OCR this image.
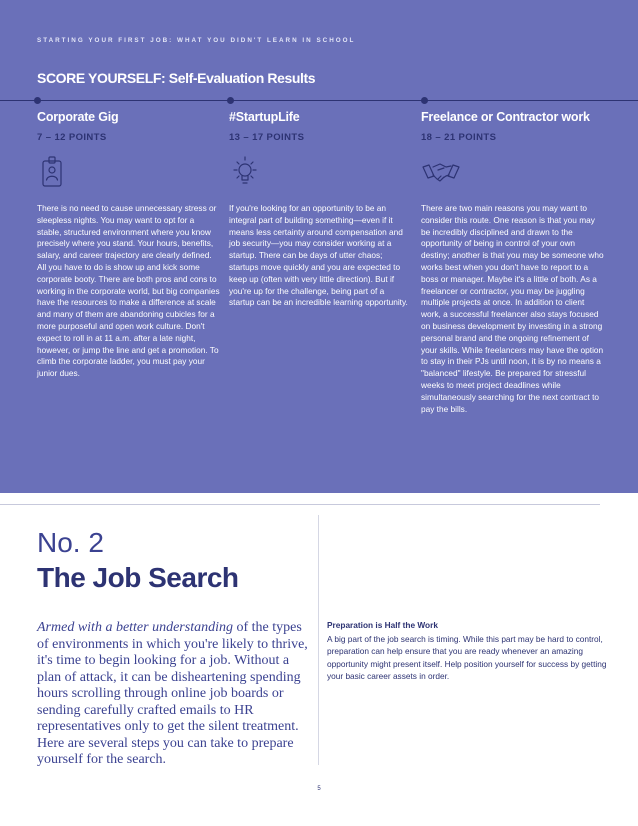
STARTING YOUR FIRST JOB: WHAT YOU DIDN'T LEARN IN SCHOOL
SCORE YOURSELF: Self-Evaluation Results
Corporate Gig
7 – 12 POINTS

There is no need to cause unnecessary stress or sleepless nights. You may want to opt for a stable, structured environment where you know precisely where you stand. Your hours, benefits, salary, and career trajectory are clearly defined. All you have to do is show up and kick some corporate booty. There are both pros and cons to working in the corporate world, but big companies have the resources to make a difference at scale and many of them are abandoning cubicles for a more purposeful and open work culture. Don't expect to roll in at 11 a.m. after a late night, however, or jump the line and get a promotion. To climb the corporate ladder, you must pay your junior dues.

#StartupLife
13 – 17 POINTS

If you're looking for an opportunity to be an integral part of building something—even if it means less certainty around compensation and job security—you may consider working at a startup. There can be days of utter chaos; startups move quickly and you are expected to keep up (often with very little direction). But if you're up for the challenge, being part of a startup can be an incredible learning opportunity.

Freelance or Contractor work
18 – 21 POINTS

There are two main reasons you may want to consider this route. One reason is that you may be incredibly disciplined and drawn to the opportunity of being in control of your own destiny; another is that you may be someone who works best when you don't have to report to a boss or manager. Maybe it's a little of both. As a freelancer or contractor, you may be juggling multiple projects at once. In addition to client work, a successful freelancer also stays focused on business development by investing in a strong personal brand and the ongoing refinement of your skills. While freelancers may have the option to stay in their PJs until noon, it is by no means a "balanced" lifestyle. Be prepared for stressful weeks to meet project deadlines while simultaneously searching for the next contract to pay the bills.

No. 2
The Job Search

Armed with a better understanding of the types of environments in which you're likely to thrive, it's time to begin looking for a job. Without a plan of attack, it can be disheartening spending hours scrolling through online job boards or sending carefully crafted emails to HR representatives only to get the silent treatment. Here are several steps you can take to prepare yourself for the search.

Preparation is Half the Work

A big part of the job search is timing. While this part may be hard to control, preparation can help ensure that you are ready whenever an amazing opportunity might present itself. Help position yourself for success by getting your basic career assets in order.

5
